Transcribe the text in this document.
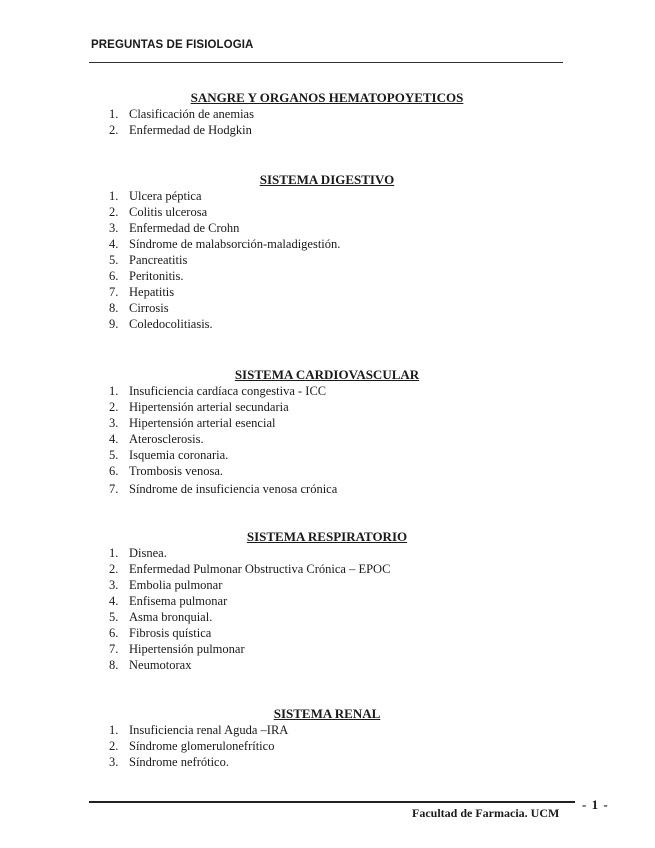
PREGUNTAS DE FISIOLOGIA
SANGRE Y ORGANOS HEMATOPOYETICOS
1. Clasificación de anemias
2. Enfermedad de Hodgkin
SISTEMA DIGESTIVO
1. Ulcera péptica
2. Colitis ulcerosa
3. Enfermedad de Crohn
4. Síndrome de malabsorción-maladigestión.
5. Pancreatitis
6. Peritonitis.
7. Hepatitis
8. Cirrosis
9. Coledocolitiasis.
SISTEMA CARDIOVASCULAR
1. Insuficiencia cardíaca congestiva - ICC
2. Hipertensión arterial secundaria
3. Hipertensión arterial esencial
4. Aterosclerosis.
5. Isquemia coronaria.
6. Trombosis venosa.
7. Síndrome de insuficiencia venosa crónica
SISTEMA RESPIRATORIO
1. Disnea.
2. Enfermedad Pulmonar Obstructiva Crónica – EPOC
3. Embolia pulmonar
4. Enfisema pulmonar
5. Asma bronquial.
6. Fibrosis quística
7. Hipertensión pulmonar
8. Neumotorax
SISTEMA RENAL
1. Insuficiencia renal Aguda –IRA
2. Síndrome glomerulonefrítico
3. Síndrome nefrótico.
Facultad de Farmacia. UCM
- 1 -
